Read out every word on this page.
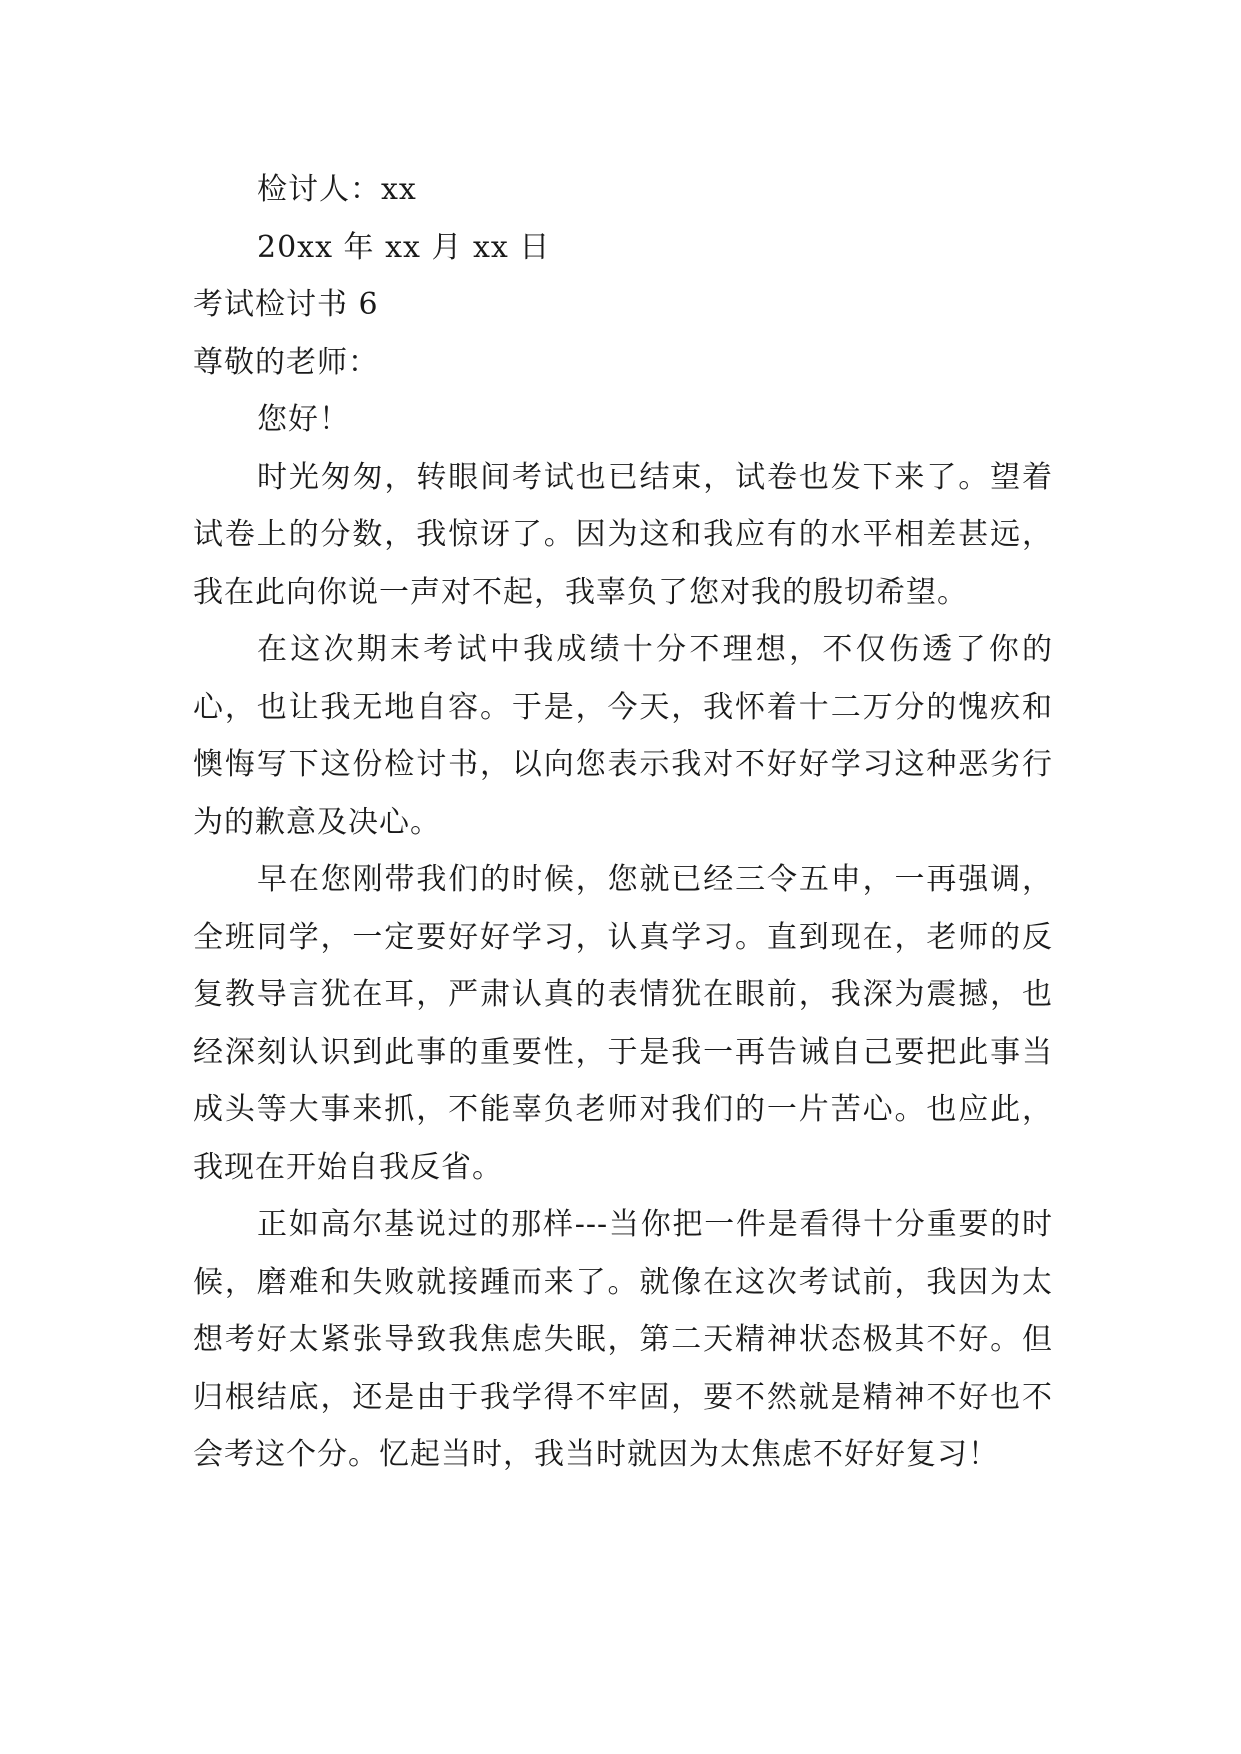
检讨人：xx

20xx 年 xx 月 xx 日

考试检讨书 6

尊敬的老师：

您好！

时光匆匆，转眼间考试也已结束，试卷也发下来了。望着试卷上的分数，我惊讶了。因为这和我应有的水平相差甚远，我在此向你说一声对不起，我辜负了您对我的殷切希望。

在这次期末考试中我成绩十分不理想，不仅伤透了你的心，也让我无地自容。于是，今天，我怀着十二万分的愧疚和懊悔写下这份检讨书，以向您表示我对不好好学习这种恶劣行为的歉意及决心。

早在您刚带我们的时候，您就已经三令五申，一再强调，全班同学，一定要好好学习，认真学习。直到现在，老师的反复教导言犹在耳，严肃认真的表情犹在眼前，我深为震撼，也经深刻认识到此事的重要性，于是我一再告诫自己要把此事当成头等大事来抓，不能辜负老师对我们的一片苦心。也应此，我现在开始自我反省。

正如高尔基说过的那样---当你把一件是看得十分重要的时候，磨难和失败就接踵而来了。就像在这次考试前，我因为太想考好太紧张导致我焦虑失眠，第二天精神状态极其不好。但归根结底，还是由于我学得不牢固，要不然就是精神不好也不会考这个分。忆起当时，我当时就因为太焦虑不好好复习！
